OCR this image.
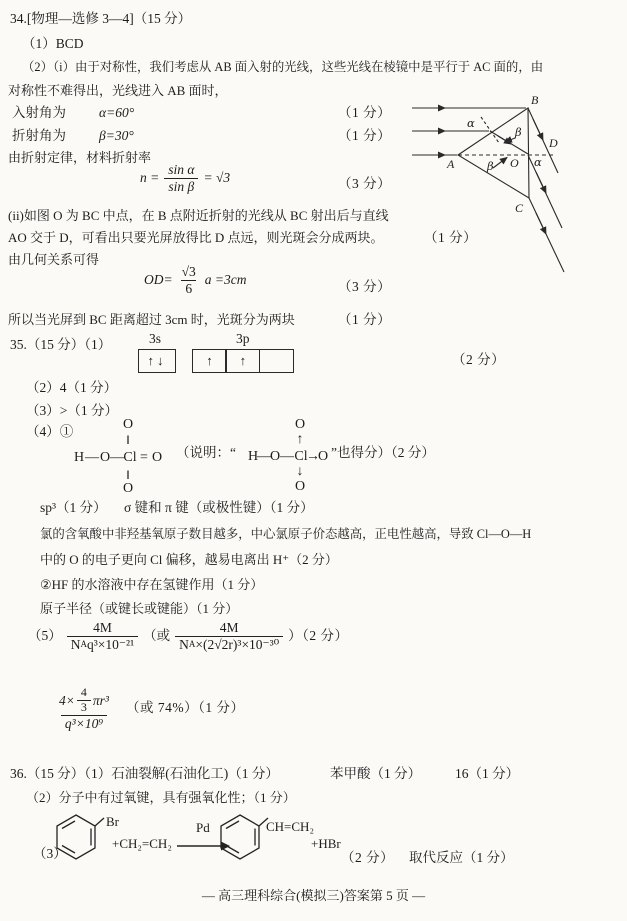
34.[物理—选修 3—4]（15 分）
（1）BCD
（2）（i）由于对称性，我们考虑从 AB 面入射的光线，这些光线在棱镜中是平行于 AC 面的，由
对称性不难得出，光线进入 AB 面时，
入射角为 α=60°	（1 分）
折射角为 β=30°	（1 分）
由折射定律，材料折射率
$n = \frac{\text{sin α}}{\text{sin β}} = √3$	（3 分）
(ii)如图 O 为 BC 中点，在 B 点附近折射的光线从 BC 射出后与直线
AO 交于 D，可看出只要光屏放得比 D 点远，则光斑会分成两块。	（1 分）
由几何关系可得
$OD= \frac{√3}{6}$ a =3cm	（3 分）
所以当光屏到 BC 距离超过 3cm 时，光斑分为两块	（1 分）
B
A
C
O
D
α
β
β	α
35.（15 分）（1）	3s	3p
↑↓	↑	↑	（2 分）
（2）4（1 分）
（3）>（1 分）
（4）①	O
‖
H — O — Cl = O
‖
O
（说明：“
O
↑
H
—
O — Cl
→
O
↓
O
”也得分）（2 分）
sp³（1 分） σ 键和 π 键（或极性键）（1 分）
氯的含氧酸中非羟基氧原子数目越多，中心氯原子价态越高，正电性越高，导致 Cl—O—H
中的 O 的电子更向 Cl 偏移，越易电离出 H⁺（2 分）
②HF 的水溶液中存在氢键作用（1 分）
原子半径（或键长或键能）（1 分）
$(5) \frac{4M}{\text{N A q³×10⁻²¹}}$ （或 $\frac{4M}{\text{N A ×(2√2r)³×10⁻³⁰}} )(2$ 分）
$\frac{4\times \frac{4}{3} \pi r^3}{\text{q³×10⁹}}$ （或 74%）（1 分）
36.（15 分）（1）石油裂解(石油化工)（1 分）	苯甲酸（1 分）	16（1 分）
（2）分子中有过氧键，具有强氧化性；（1 分）
（3）
Br
+CH₂=CH₂
Pd	CH=CH₂
+HBr
（2 分） 取代反应（1 分）
— 高三理科综合(模拟三)答案第 5 页 —
